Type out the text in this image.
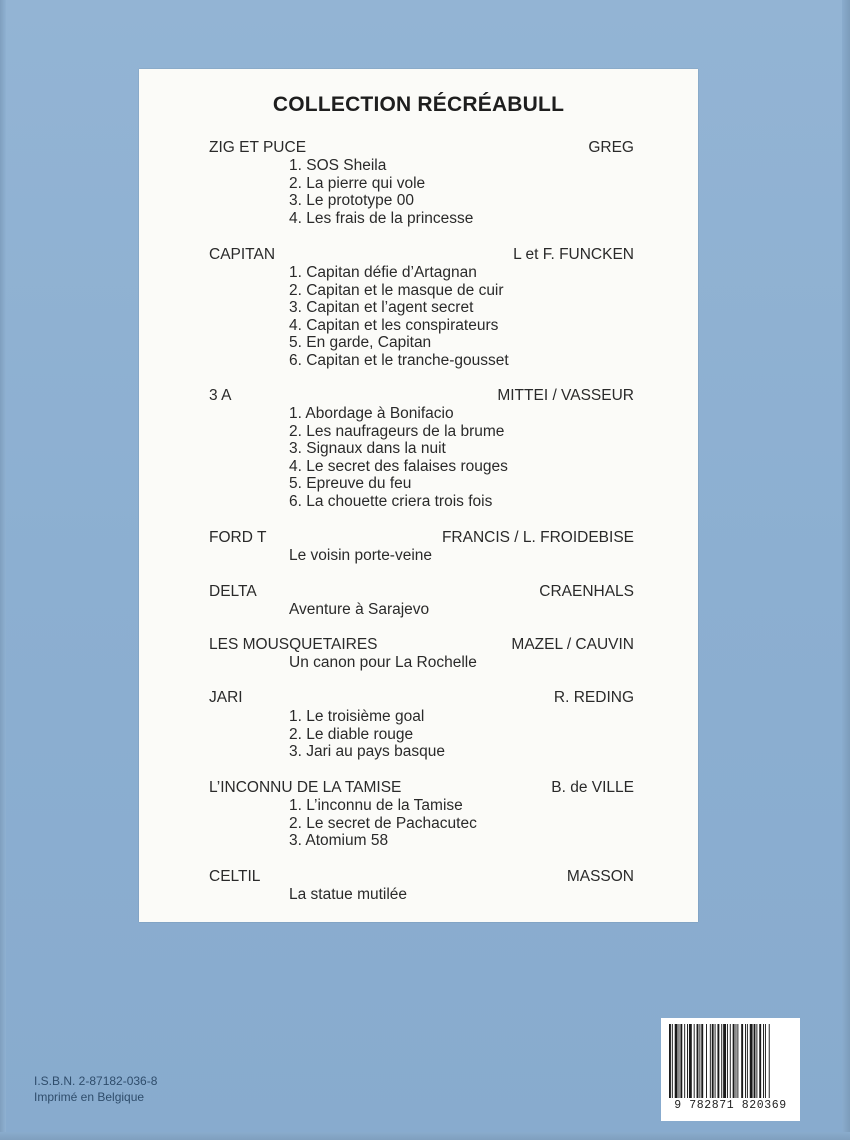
COLLECTION RÉCRÉABULL
ZIG ET PUCE	GREG
1. SOS Sheila
2. La pierre qui vole
3. Le prototype 00
4. Les frais de la princesse
CAPITAN	L et F. FUNCKEN
1. Capitan défie d’Artagnan
2. Capitan et le masque de cuir
3. Capitan et l’agent secret
4. Capitan et les conspirateurs
5. En garde, Capitan
6. Capitan et le tranche-gousset
3 A	MITTEI / VASSEUR
1. Abordage à Bonifacio
2. Les naufrageurs de la brume
3. Signaux dans la nuit
4. Le secret des falaises rouges
5. Epreuve du feu
6. La chouette criera trois fois
FORD T	FRANCIS / L. FROIDEBISE
Le voisin porte-veine
DELTA	CRAENHALS
Aventure à Sarajevo
LES MOUSQUETAIRES	MAZEL / CAUVIN
Un canon pour La Rochelle
JARI	R. REDING
1. Le troisième goal
2. Le diable rouge
3. Jari au pays basque
L’INCONNU DE LA TAMISE	B. de VILLE
1. L’inconnu de la Tamise
2. Le secret de Pachacutec
3. Atomium 58
CELTIL	MASSON
La statue mutilée
9 782871 820369
I.S.B.N. 2-87182-036-8
Imprimé en Belgique
